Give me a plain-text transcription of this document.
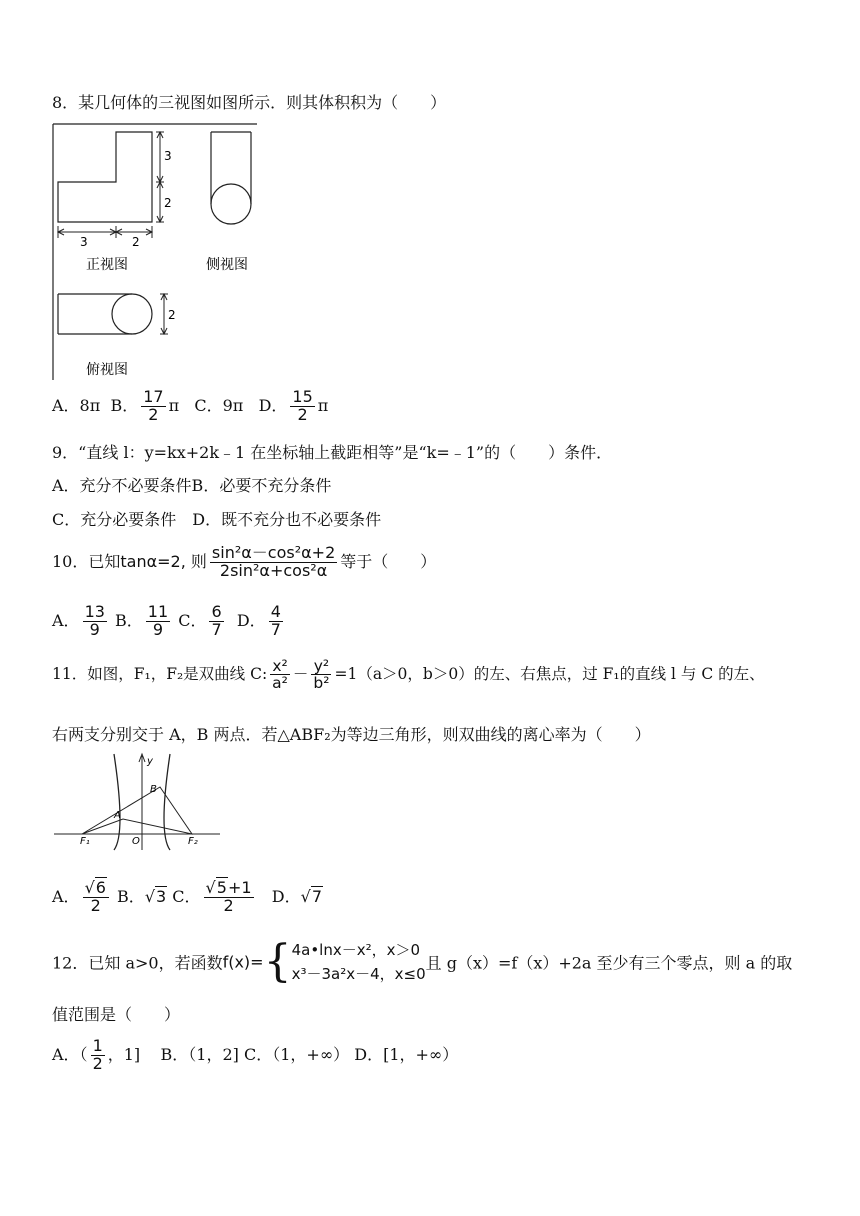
8．某几何体的三视图如图所示．则其体积积为（　　）
3
2
3	2
正视图	侧视图
2
俯视图
A．8π B． $\frac{17}{2}$ π C．9π D． $\frac{15}{2}$ π
9．“直线 l：y=kx+2k﹣1 在坐标轴上截距相等”是“k=﹣1”的（　　）条件．
A．充分不必要条件B．必要不充分条件
C．充分必要条件　D．既不充分也不必要条件
10．已知tanα=2, 则 $\frac{\text{sin²α－cos²α+2}}{\text{2sin²α+cos²α}}$ 等于（　　）
A． $\frac{13}{9}$ B． $\frac{11}{9}$ C． $\frac{6}{7}$ D． $\frac{4}{7}$
11．如图，F₁，F₂是双曲线 C: $\frac{\text{x²}}{\text{a²}} - \frac{\text{y²}}{\text{b²}} =1(a>0$，b＞0）的左、右焦点，过 F₁的直线 l 与 C 的左、
右两支分别交于 A，B 两点．若△ABF₂为等边三角形，则双曲线的离心率为（　　）
y
A
B
O
F₁	F₂
A． $\frac{√6}{2}$ B．√3 C． $\frac{√5+1}{2}$ D．√7
12．已知 a>0，若函数f(x)={ 4a•lnx－x²，x＞0
x³－3a²x－4，x≤0
且 g（x）=f（x）+2a 至少有三个零点，则 a 的取
值范围是（　　）
A．（ $\frac{1}{2}$ ，1] B．（1，2] C．（1，+∞） D．[1，+∞）
